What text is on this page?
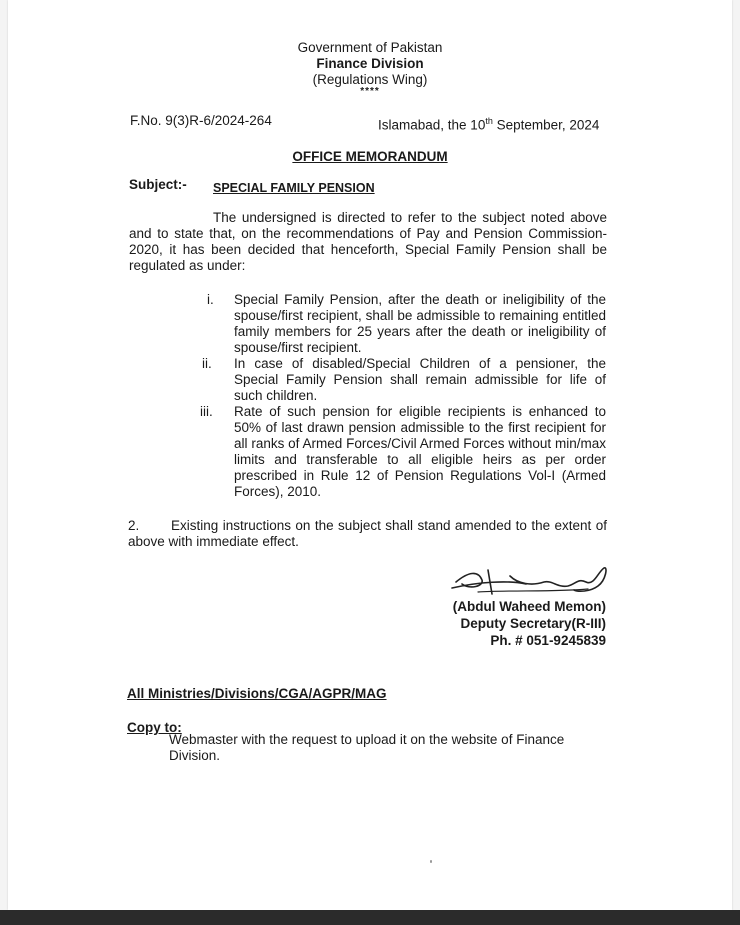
Government of Pakistan
Finance Division
(Regulations Wing)
****
F.No. 9(3)R-6/2024-264	Islamabad, the 10th September, 2024
OFFICE MEMORANDUM
Subject:- SPECIAL FAMILY PENSION
The undersigned is directed to refer to the subject noted above and to state that, on the recommendations of Pay and Pension Commission-2020, it has been decided that henceforth, Special Family Pension shall be regulated as under:
i. Special Family Pension, after the death or ineligibility of the spouse/first recipient, shall be admissible to remaining entitled family members for 25 years after the death or ineligibility of spouse/first recipient.
ii. In case of disabled/Special Children of a pensioner, the Special Family Pension shall remain admissible for life of such children.
iii. Rate of such pension for eligible recipients is enhanced to 50% of last drawn pension admissible to the first recipient for all ranks of Armed Forces/Civil Armed Forces without min/max limits and transferable to all eligible heirs as per order prescribed in Rule 12 of Pension Regulations Vol-I (Armed Forces), 2010.
2. Existing instructions on the subject shall stand amended to the extent of above with immediate effect.
(Abdul Waheed Memon)
Deputy Secretary(R-III)
Ph. # 051-9245839
All Ministries/Divisions/CGA/AGPR/MAG
Copy to:
Webmaster with the request to upload it on the website of Finance Division.
